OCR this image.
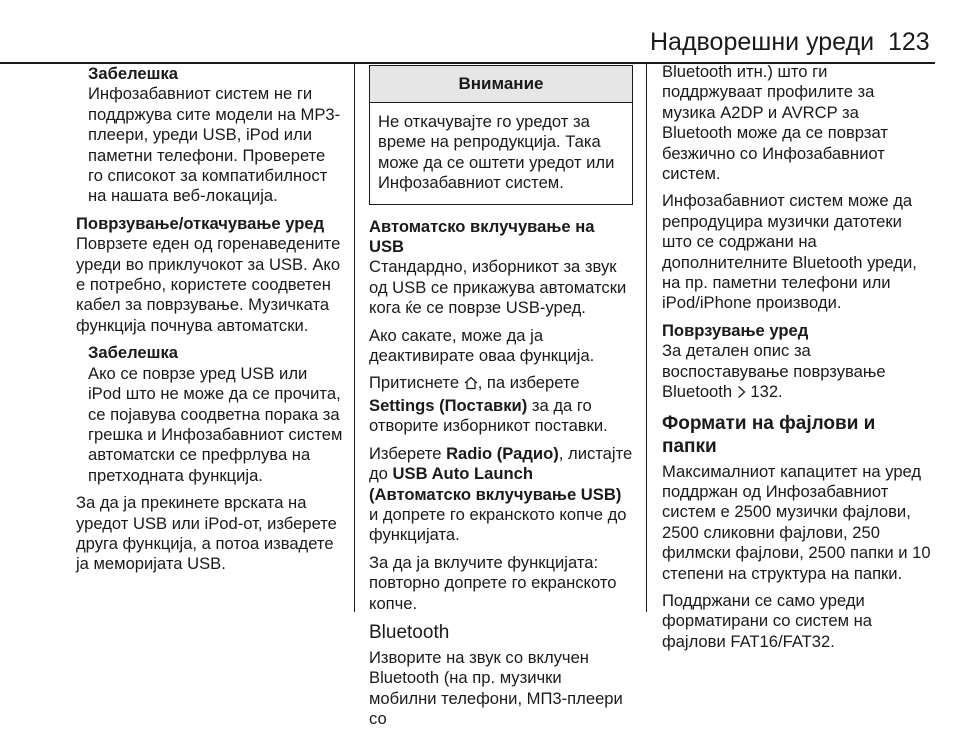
Надворешни уреди 123
Забелешка

Инфозабавниот систем не ги поддржува сите модели на MP3-плеери, уреди USB, iPod или паметни телефони. Проверете го списокот за компатибилност на нашата веб-локација.

Поврзување/откачување уред

Поврзете еден од горенаведените уреди во приклучокот за USB. Ако е потребно, користете соодветен кабел за поврзување. Музичката функција почнува автоматски.

Забелешка

Ако се поврзе уред USB или iPod што не може да се прочита, се појавува соодветна порака за грешка и Инфозабавниот систем автоматски се префрлува на претходната функција.

За да ја прекинете врската на уредот USB или iPod-от, изберете друга функција, а потоа извадете ја меморијата USB.

Внимание
Не откачувајте го уредот за време на репродукција. Така може да се оштети уредот или Инфозабавниот систем.
Автоматско вклучување на USB

Стандардно, изборникот за звук од USB се прикажува автоматски кога ќе се поврзе USB-уред.

Ако сакате, може да ја деактивирате оваа функција.

Притиснете , па изберете Settings (Поставки) за да го отворите изборникот поставки.

Изберете Radio (Радио), листајте до USB Auto Launch (Автоматско вклучување USB) и допрете го екранското копче до функцијата.

За да ја вклучите функцијата: повторно допрете го екранското копче.

Bluetooth

Изворите на звук со вклучен Bluetooth (на пр. музички мобилни телефони, МП3-плеери со

Bluetooth итн.) што ги поддржуваат профилите за музика A2DP и AVRCP за Bluetooth може да се поврзат безжично со Инфозабавниот систем.

Инфозабавниот систем може да репродуцира музички датотеки што се содржани на дополнителните Bluetooth уреди, на пр. паметни телефони или iPod/iPhone производи.

Поврзување уред

За детален опис за воспоставување поврзување Bluetooth 132.

Формати на фајлови и папки

Максималниот капацитет на уред поддржан од Инфозабавниот систем е 2500 музички фајлови, 2500 сликовни фајлови, 250 филмски фајлови, 2500 папки и 10 степени на структура на папки.

Поддржани се само уреди форматирани со систем на фајлови FAT16/FAT32.
